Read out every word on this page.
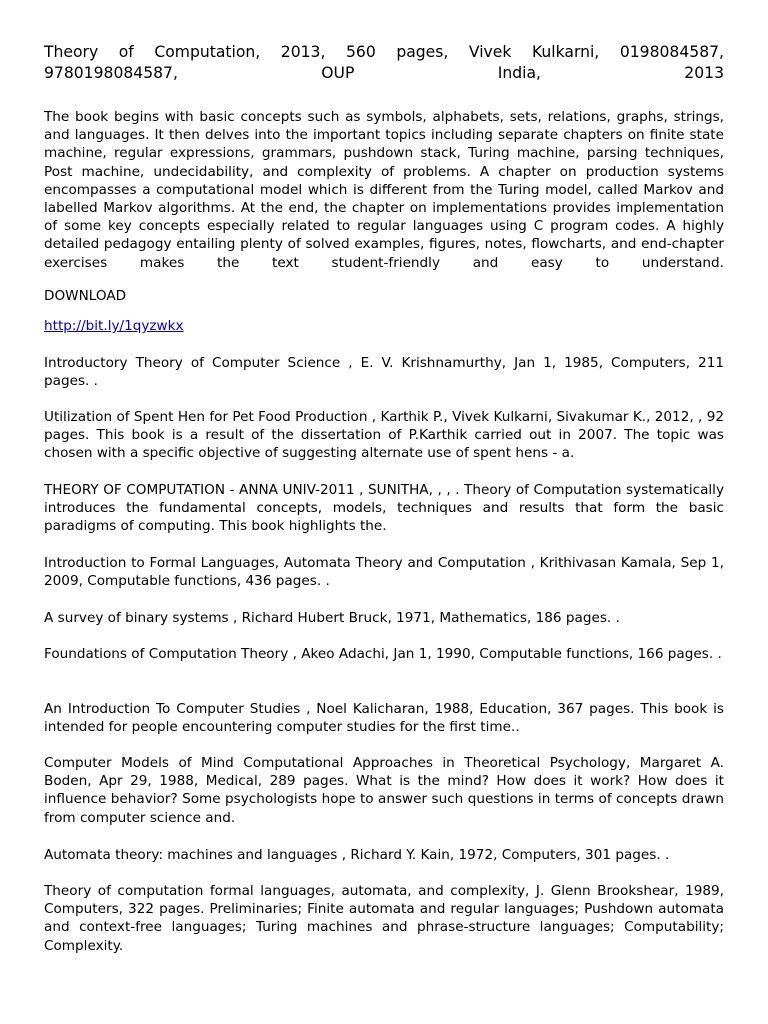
Theory of Computation, 2013, 560 pages, Vivek Kulkarni, 0198084587, 9780198084587, OUP India, 2013

The book begins with basic concepts such as symbols, alphabets, sets, relations, graphs, strings, and languages. It then delves into the important topics including separate chapters on finite state machine, regular expressions, grammars, pushdown stack, Turing machine, parsing techniques, Post machine, undecidability, and complexity of problems. A chapter on production systems encompasses a computational model which is different from the Turing model, called Markov and labelled Markov algorithms. At the end, the chapter on implementations provides implementation of some key concepts especially related to regular languages using C program codes. A highly detailed pedagogy entailing plenty of solved examples, figures, notes, flowcharts, and end-chapter exercises makes the text student-friendly and easy to understand.

DOWNLOAD

http://bit.ly/1qyzwkx

Introductory Theory of Computer Science , E. V. Krishnamurthy, Jan 1, 1985, Computers, 211 pages. .

Utilization of Spent Hen for Pet Food Production , Karthik P., Vivek Kulkarni, Sivakumar K., 2012, , 92 pages. This book is a result of the dissertation of P.Karthik carried out in 2007. The topic was chosen with a specific objective of suggesting alternate use of spent hens - a.

THEORY OF COMPUTATION - ANNA UNIV-2011 , SUNITHA, , , . Theory of Computation systematically introduces the fundamental concepts, models, techniques and results that form the basic paradigms of computing. This book highlights the.

Introduction to Formal Languages, Automata Theory and Computation , Krithivasan Kamala, Sep 1, 2009, Computable functions, 436 pages. .

A survey of binary systems , Richard Hubert Bruck, 1971, Mathematics, 186 pages. .

Foundations of Computation Theory , Akeo Adachi, Jan 1, 1990, Computable functions, 166 pages. .

An Introduction To Computer Studies , Noel Kalicharan, 1988, Education, 367 pages. This book is intended for people encountering computer studies for the first time..

Computer Models of Mind Computational Approaches in Theoretical Psychology, Margaret A. Boden, Apr 29, 1988, Medical, 289 pages. What is the mind? How does it work? How does it influence behavior? Some psychologists hope to answer such questions in terms of concepts drawn from computer science and.

Automata theory: machines and languages , Richard Y. Kain, 1972, Computers, 301 pages. .

Theory of computation formal languages, automata, and complexity, J. Glenn Brookshear, 1989, Computers, 322 pages. Preliminaries; Finite automata and regular languages; Pushdown automata and context-free languages; Turing machines and phrase-structure languages; Computability; Complexity.
